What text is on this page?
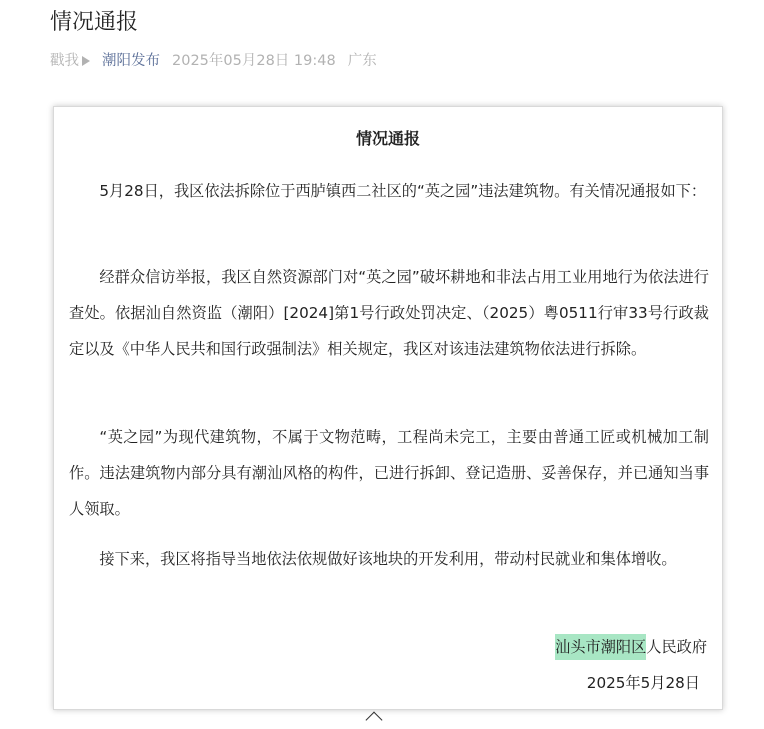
情况通报
戳我 潮阳发布 2025年05月28日 19:48 广东
情况通报

5月28日，我区依法拆除位于西胪镇西二社区的“英之园”违法建筑物。有关情况通报如下：

经群众信访举报，我区自然资源部门对“英之园”破坏耕地和非法占用工业用地行为依法进行查处。依据汕自然资监（潮阳）[2024]第1号行政处罚决定、（2025）粤0511行审33号行政裁定以及《中华人民共和国行政强制法》相关规定，我区对该违法建筑物依法进行拆除。

“英之园”为现代建筑物，不属于文物范畴，工程尚未完工，主要由普通工匠或机械加工制作。违法建筑物内部分具有潮汕风格的构件，已进行拆卸、登记造册、妥善保存，并已通知当事人领取。

接下来，我区将指导当地依法依规做好该地块的开发利用，带动村民就业和集体增收。

汕头市潮阳区人民政府
2025年5月28日
